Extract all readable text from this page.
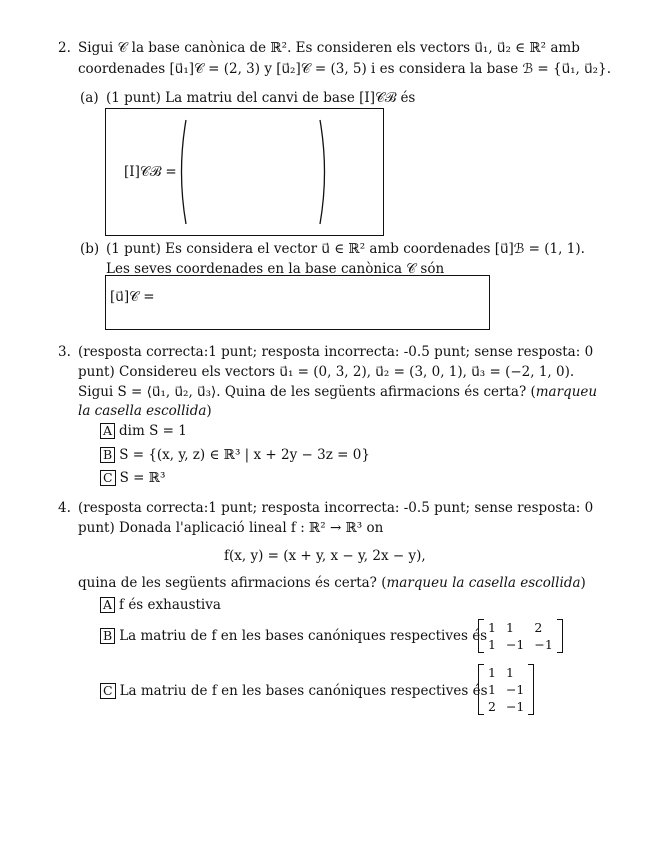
2. Sigui 𝒞 la base canònica de ℝ². Es consideren els vectors u⃗₁, u⃗₂ ∈ ℝ² amb
coordenades [u⃗₁]𝒞 = (2, 3) y [u⃗₂]𝒞 = (3, 5) i es considera la base ℬ = {u⃗₁, u⃗₂}.
(a) (1 punt) La matriu del canvi de base [I]𝒞ℬ és
[I]𝒞ℬ =
(b) (1 punt) Es considera el vector u⃗ ∈ ℝ² amb coordenades [u⃗]ℬ = (1, 1).
Les seves coordenades en la base canònica 𝒞 són
[u⃗]𝒞 =
3. (resposta correcta:1 punt; resposta incorrecta: -0.5 punt; sense resposta: 0
punt) Considereu els vectors u⃗₁ = (0, 3, 2), u⃗₂ = (3, 0, 1), u⃗₃ = (−2, 1, 0).
Sigui S = ⟨u⃗₁, u⃗₂, u⃗₃⟩. Quina de les següents afirmacions és certa? (marqueu
la casella escollida)
A dim S = 1
B S = {(x, y, z) ∈ ℝ³ | x + 2y − 3z = 0}
C S = ℝ³
4. (resposta correcta:1 punt; resposta incorrecta: -0.5 punt; sense resposta: 0
punt) Donada l'aplicació lineal f : ℝ² → ℝ³ on
f(x, y) = (x + y, x − y, 2x − y),
quina de les següents afirmacions és certa? (marqueu la casella escollida)
A f és exhaustiva
B La matriu de f en les bases canóniques respectives és
1	1	2
1	−1	−1
C La matriu de f en les bases canóniques respectives és
1	1
1	−1
2	−1
